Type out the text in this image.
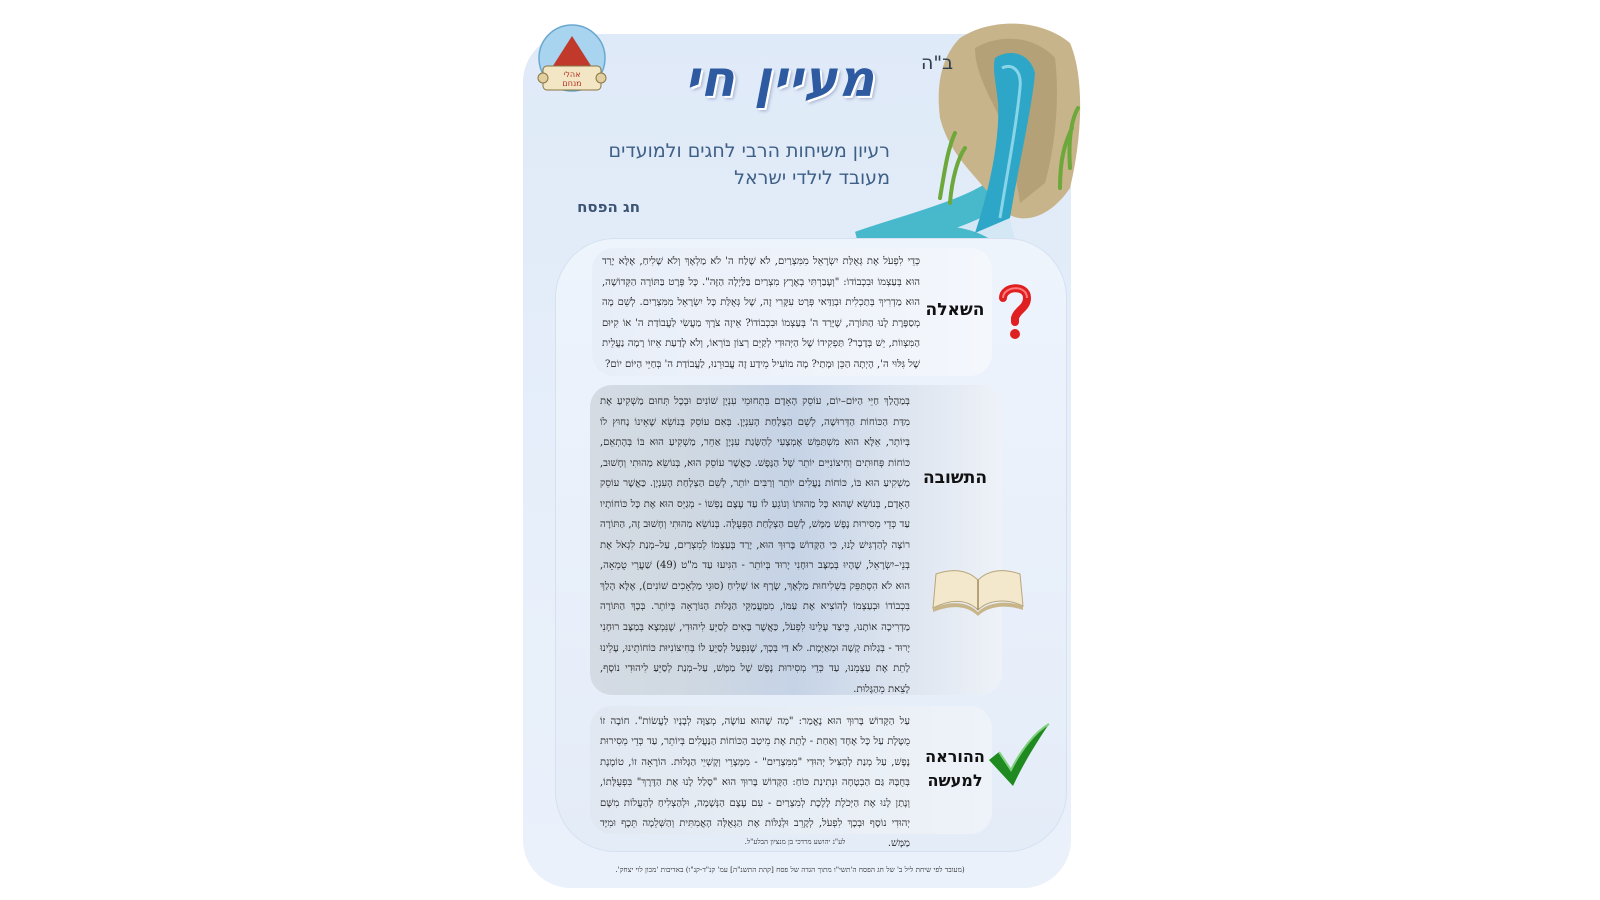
אהלי
מנחם
ב"ה
מעיין חי
רעיון משיחות הרבי לחגים ולמועדים
מעובד לילדי ישראל
חג הפסח
כְּדֵי לִפְעֹל אֶת גְּאֻלַּת יִשְׂרָאֵל מִמִּצְרַיִם, לֹא שָׁלַח ה' לֹא מַלְאָךְ וְלֹא שָׁלִיחַ, אֶלָּא יָרַד הוּא בְּעַצְמוֹ וּבִכְבוֹדוֹ: "וְעָבַרְתִּי בְאֶרֶץ מִצְרַיִם בַּלַּיְלָה הַזֶּה". כָּל פְּרָט בַּתּוֹרָה הַקְּדוֹשָׁה, הוּא מַדְרִיךְ בְּתַכְלִית וּבְוַדַּאי פְּרָט עִקָּרִי זֶה, שֶׁל גְּאֻלַּת כָּל יִשְׂרָאֵל מִמִּצְרַיִם. לְשֵׁם מָה מְסַפֶּרֶת לָנוּ הַתּוֹרָה, שֶׁיָּרַד ה' בְּעַצְמוֹ וּבִכְבוֹדוֹ? אֵיזֶה צֹרֶךְ מַעֲשִׂי לַעֲבוֹדַת ה' אוֹ קִיּוּם הַמִּצְווֹת, יֵשׁ בְּדָבָר? תַּפְקִידוֹ שֶׁל הַיְּהוּדִי לְקַיֵּם רְצוֹן בּוֹרְאוֹ, וְלֹא לָדַעַת אֵיזוֹ רָמָה נַעֲלֵית שֶׁל גִּלּוּי ה', הָיְתָה הַכֵּן וּמָתַי? מָה מוֹעִיל מֵידַע זֶה עֲבוּרֵנוּ, לַעֲבוֹדַת ה' בְּחַיֵּי הַיּוֹם יוֹם?
השאלה
בְּמַהֲלַךְ חַיֵּי הַיּוֹם–יוֹם, עוֹסֵק הָאָדָם בִּתְחוּמֵי עִנְיָן שׁוֹנִים וּבְכָל תְּחוּם מַשְׁקִיעַ אֶת מִדַּת הַכּוֹחוֹת הַדְּרוּשָׁה, לְשֵׁם הַצְלָחַת הָעִנְיָן. בְּאִם עוֹסֵק בְּנוֹשֵׂא שֶׁאֵינוֹ נָחוּץ לוֹ בְּיוֹתֵר, אֵלָּא הוּא מִשְׁתַּמֵּשׁ אֶמְצָעִי לְהַשָּׂגַת עִנְיָן אַחֵר, מַשְׁקִיעַ הוּא בּוֹ בְּהֶתְאֵם, כּוֹחוֹת פְּחוּתִים וְחִיצוֹנִיִּים יוֹתֵר שֶׁל הַנֶּפֶשׁ. כַּאֲשֶׁר עוֹסֵק הוּא, בְּנוֹשֵׂא מַהוּתִי וְחָשׁוּב, מַשְׁקִיעַ הוּא בּוֹ, כּוֹחוֹת נַעֲלִים יוֹתֵר וְרַבִּים יוֹתֵר, לְשֵׁם הַצְלָחַת הָעִנְיָן. כַּאֲשֶׁר עוֹסֵק הָאָדָם, בְּנוֹשֵׂא שֶׁהוּא כָּל מַהוּתוֹ וְנוֹגֵעַ לוֹ עַד עֶצֶם נַפְשׁוֹ - מְגַיֵּס הוּא אֶת כָּל כּוֹחוֹתָיו עַד כְּדֵי מְסִירוּת נֶפֶשׁ מַמָּשׁ, לְשֵׁם הַצְלָחַת הַפְּעֻלָּה. בְּנוֹשֵׂא מַהוּתִי וְחָשׁוּב זֶה, הַתּוֹרָה רוֹצָה לְהַדְגִּישׁ לָנוּ, כִּי הַקָּדוֹשׁ בָּרוּךְ הוּא, יָרַד בְּעַצְמוֹ לְמִצְרַיִם, עַל–מְנַת לִגְאֹל אֶת בְּנֵי–יִשְׂרָאֵל, שֶׁהָיוּ בְּמַצָּב רוּחָנִי יָרוּד בְּיוֹתֵר - הִגִּיעוּ עַד מ"ט (49) שַׁעֲרֵי טֻמְאָה, הוּא לֹא הִסְתַּפֵּק בִּשְׁלִיחוּת מַלְאָךְ, שָׂרָף אוֹ שָׁלִיחַ (סוּגֵי מַלְאָכִים שׁוֹנִים), אֶלָּא הָלַךְ בִּכְבוֹדוֹ וּבְעַצְמוֹ לְהוֹצִיא אֶת עַמּוֹ, מִמַּעֲמַקֵּי הַגָּלוּת הַנּוֹרָאָה בְּיוֹתֵר. בְּכָךְ הַתּוֹרָה מַדְרִיכָה אוֹתָנוּ, כֵּיצַד עָלֵינוּ לִפְעֹל, כַּאֲשֶׁר בָּאִים לְסַיֵּעַ לִיהוּדִי, שֶׁנִּמְצָא בְּמַצָּב רוּחָנִי יָרוּד - בְּגָלוּת קָשָׁה וּמְאַיֶּמֶת. לֹא דַּי בְּכָךְ, שֶׁנִּפְעַל לְסַיֵּעַ לוֹ בְּחִיצוֹנִיּוּת כּוֹחוֹתֵינוּ, עָלֵינוּ לָתֵת אֶת עַצְמֵנוּ, עַד כְּדֵי מְסִירוּת נֶפֶשׁ שֶׁל מַמָּשׁ, עַל–מְנַת לְסַיֵּעַ לִיהוּדִי נוֹסָף, לָצֵאת מֵהַגָּלוּת.
התשובה
עַל הַקָּדוֹשׁ בָּרוּךְ הוּא נֶאֱמַר: "מָה שֶׁהוּא עוֹשֶׂה, מְצַוֶּה לְבָנָיו לַעֲשׂוֹת". חוֹבָה זוֹ מֻטֶּלֶת עַל כָּל אֶחָד וְאַחַת - לָתֵת אֶת מֵיטַב הַכּוֹחוֹת הַנַּעֲלִים בְּיוֹתֵר, עַד כְּדֵי מְסִירוּת נֶפֶשׁ, עַל מְנַת לְהַצִּיל יְהוּדִי "מִמִּצְרַיִם" - מִמְּצָרֵי וְקָשְׁיֵי הַגָּלוּת. הוֹרָאָה זוֹ, טוֹמֶנֶת בְּחֻבָּהּ גַּם הַבְטָחָה וּנְתִינַת כּוֹחַ: הַקָּדוֹשׁ בָּרוּךְ הוּא "סָלַל לָנוּ אֶת הַדֶּרֶךְ" בִּפְעֻלָּתוֹ, וְנָתַן לָנוּ אֶת הַיְּכֹלֶת לָלֶכֶת לְמִצְרַיִם - עִם עֶצֶם הַנְּשָׁמָה, וּלְהַצְלִיחַ לְהַעֲלוֹת מִשָּׁם יְהוּדִי נוֹסָף וּבְכָךְ לִפְעֹל, לְקָרֵב וּלְגַלּוֹת אֶת הַגְּאֻלָּה הָאֲמִתִּית וְהַשְּׁלֵמָה תֵּכֶף וּמִיָּד מַמָּשׁ.
ההוראה
למעשה
לע"נ יהושע מרדכי בן מנציון הבלע"ל.
(מעובד לפי שיחת ליל ב' של חג הפסח ה'תשי"ו מתוך הגדה של פסח [קהת התשנ"ה] עמ' קנ"ד-קנ"ו) באדיבות 'מכון לוי יצחק'.
